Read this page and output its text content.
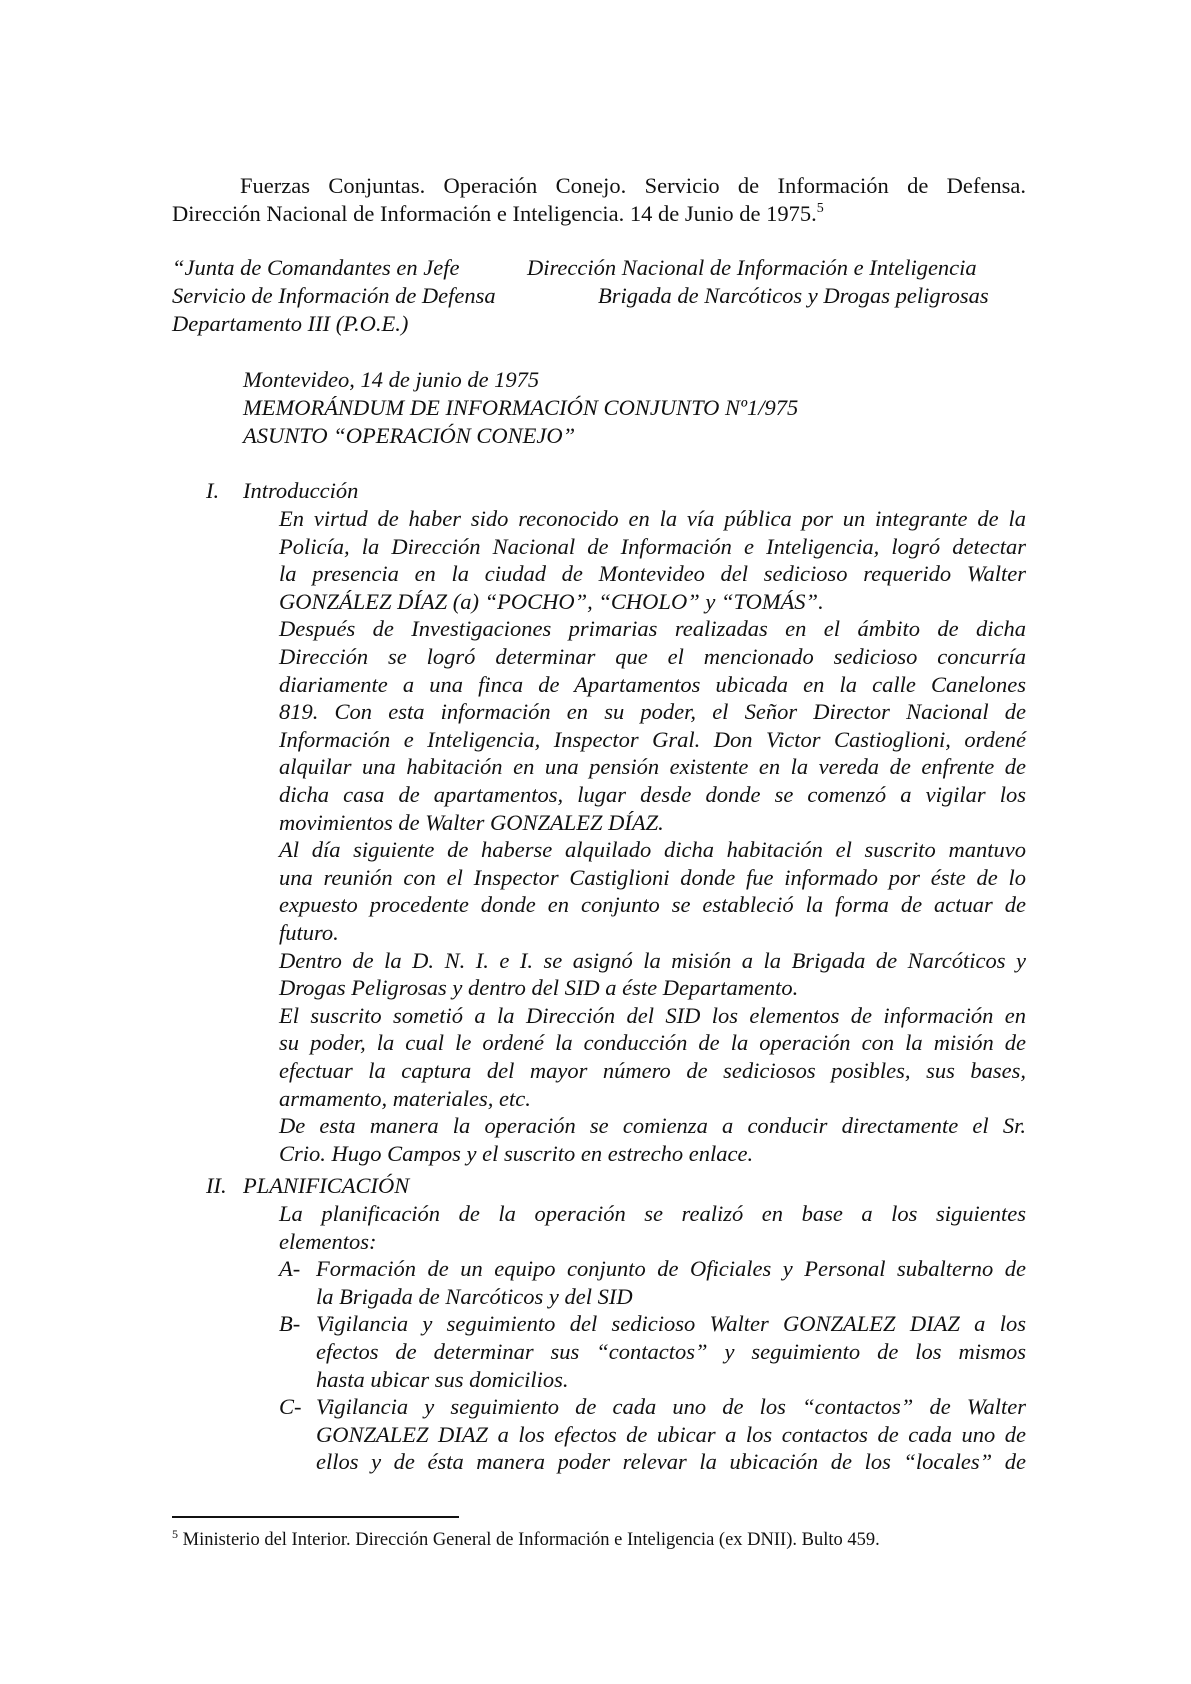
Fuerzas Conjuntas. Operación Conejo. Servicio de Información de Defensa.
Dirección Nacional de Información e Inteligencia. 14 de Junio de 1975.$^5$
“Junta de Comandantes en Jefe
Servicio de Información de Defensa
Departamento III (P.O.E.)
Dirección Nacional de Información e Inteligencia
Brigada de Narcóticos y Drogas peligrosas
Montevideo, 14 de junio de 1975
MEMORÁNDUM DE INFORMACIÓN CONJUNTO Nº1/975
ASUNTO “OPERACIÓN CONEJO”
I. Introducción
En virtud de haber sido reconocido en la vía pública por un integrante de la
Policía, la Dirección Nacional de Información e Inteligencia, logró detectar
la presencia en la ciudad de Montevideo del sedicioso requerido Walter
GONZÁLEZ DÍAZ (a) “POCHO”, “CHOLO” y “TOMÁS”.
Después de Investigaciones primarias realizadas en el ámbito de dicha
Dirección se logró determinar que el mencionado sedicioso concurría
diariamente a una finca de Apartamentos ubicada en la calle Canelones
819. Con esta información en su poder, el Señor Director Nacional de
Información e Inteligencia, Inspector Gral. Don Victor Castioglioni, ordené
alquilar una habitación en una pensión existente en la vereda de enfrente de
dicha casa de apartamentos, lugar desde donde se comenzó a vigilar los
movimientos de Walter GONZALEZ DÍAZ.
Al día siguiente de haberse alquilado dicha habitación el suscrito mantuvo
una reunión con el Inspector Castiglioni donde fue informado por éste de lo
expuesto procedente donde en conjunto se estableció la forma de actuar de
futuro.
Dentro de la D. N. I. e I. se asignó la misión a la Brigada de Narcóticos y
Drogas Peligrosas y dentro del SID a éste Departamento.
El suscrito sometió a la Dirección del SID los elementos de información en
su poder, la cual le ordené la conducción de la operación con la misión de
efectuar la captura del mayor número de sediciosos posibles, sus bases,
armamento, materiales, etc.
De esta manera la operación se comienza a conducir directamente el Sr.
Crio. Hugo Campos y el suscrito en estrecho enlace.
II. PLANIFICACIÓN
La planificación de la operación se realizó en base a los siguientes
elementos:
A- Formación de un equipo conjunto de Oficiales y Personal subalterno de
la Brigada de Narcóticos y del SID
B- Vigilancia y seguimiento del sedicioso Walter GONZALEZ DIAZ a los
efectos de determinar sus “contactos” y seguimiento de los mismos
hasta ubicar sus domicilios.
C- Vigilancia y seguimiento de cada uno de los “contactos” de Walter
GONZALEZ DIAZ a los efectos de ubicar a los contactos de cada uno de
ellos y de ésta manera poder relevar la ubicación de los “locales” de
$^5$ Ministerio del Interior. Dirección General de Información e Inteligencia (ex DNII). Bulto 459.
